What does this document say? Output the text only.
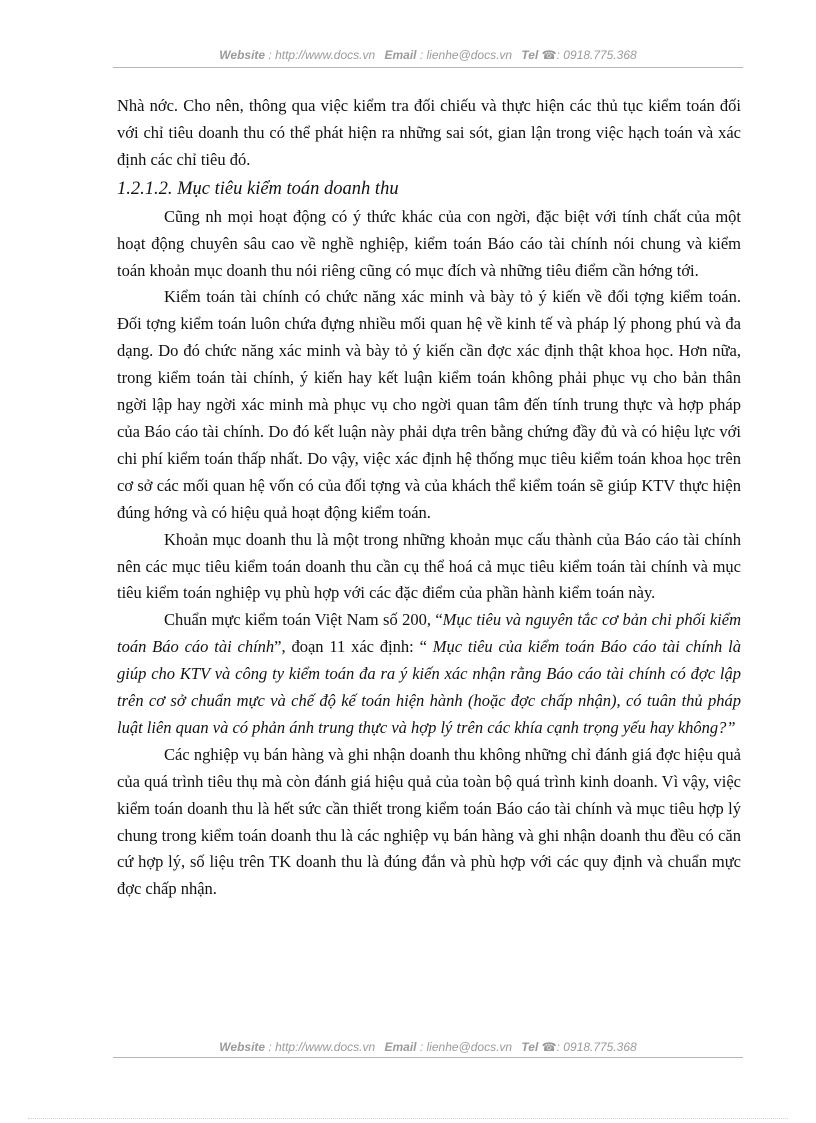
Website : http://www.docs.vn Email : lienhe@docs.vn Tel ☎: 0918.775.368

Nhà nớc. Cho nên, thông qua việc kiểm tra đối chiếu và thực hiện các thủ tục kiểm toán đối với chỉ tiêu doanh thu có thể phát hiện ra những sai sót, gian lận trong việc hạch toán và xác định các chỉ tiêu đó.

1.2.1.2. Mục tiêu kiểm toán doanh thu

Cũng nh mọi hoạt động có ý thức khác của con ngời, đặc biệt với tính chất của một hoạt động chuyên sâu cao về nghề nghiệp, kiểm toán Báo cáo tài chính nói chung và kiểm toán khoản mục doanh thu nói riêng cũng có mục đích và những tiêu điểm cần hớng tới.

Kiểm toán tài chính có chức năng xác minh và bày tỏ ý kiến về đối tợng kiểm toán. Đối tợng kiểm toán luôn chứa đựng nhiều mối quan hệ về kinh tế và pháp lý phong phú và đa dạng. Do đó chức năng xác minh và bày tỏ ý kiến cần đợc xác định thật khoa học. Hơn nữa, trong kiểm toán tài chính, ý kiến hay kết luận kiểm toán không phải phục vụ cho bản thân ngời lập hay ngời xác minh mà phục vụ cho ngời quan tâm đến tính trung thực và hợp pháp của Báo cáo tài chính. Do đó kết luận này phải dựa trên bằng chứng đầy đủ và có hiệu lực với chi phí kiểm toán thấp nhất. Do vậy, việc xác định hệ thống mục tiêu kiểm toán khoa học trên cơ sở các mối quan hệ vốn có của đối tợng và của khách thể kiểm toán sẽ giúp KTV thực hiện đúng hớng và có hiệu quả hoạt động kiểm toán.

Khoản mục doanh thu là một trong những khoản mục cấu thành của Báo cáo tài chính nên các mục tiêu kiểm toán doanh thu cần cụ thể hoá cả mục tiêu kiểm toán tài chính và mục tiêu kiểm toán nghiệp vụ phù hợp với các đặc điểm của phần hành kiểm toán này.

Chuẩn mực kiểm toán Việt Nam số 200, “Mục tiêu và nguyên tắc cơ bản chi phối kiểm toán Báo cáo tài chính”, đoạn 11 xác định: “ Mục tiêu của kiểm toán Báo cáo tài chính là giúp cho KTV và công ty kiểm toán đa ra ý kiến xác nhận rằng Báo cáo tài chính có đợc lập trên cơ sở chuẩn mực và chế độ kế toán hiện hành (hoặc đợc chấp nhận), có tuân thủ pháp luật liên quan và có phản ánh trung thực và hợp lý trên các khía cạnh trọng yếu hay không?”

Các nghiệp vụ bán hàng và ghi nhận doanh thu không những chỉ đánh giá đợc hiệu quả của quá trình tiêu thụ mà còn đánh giá hiệu quả của toàn bộ quá trình kinh doanh. Vì vậy, việc kiểm toán doanh thu là hết sức cần thiết trong kiểm toán Báo cáo tài chính và mục tiêu hợp lý chung trong kiểm toán doanh thu là các nghiệp vụ bán hàng và ghi nhận doanh thu đều có căn cứ hợp lý, số liệu trên TK doanh thu là đúng đắn và phù hợp với các quy định và chuẩn mực đợc chấp nhận.

Website : http://www.docs.vn Email : lienhe@docs.vn Tel ☎: 0918.775.368
